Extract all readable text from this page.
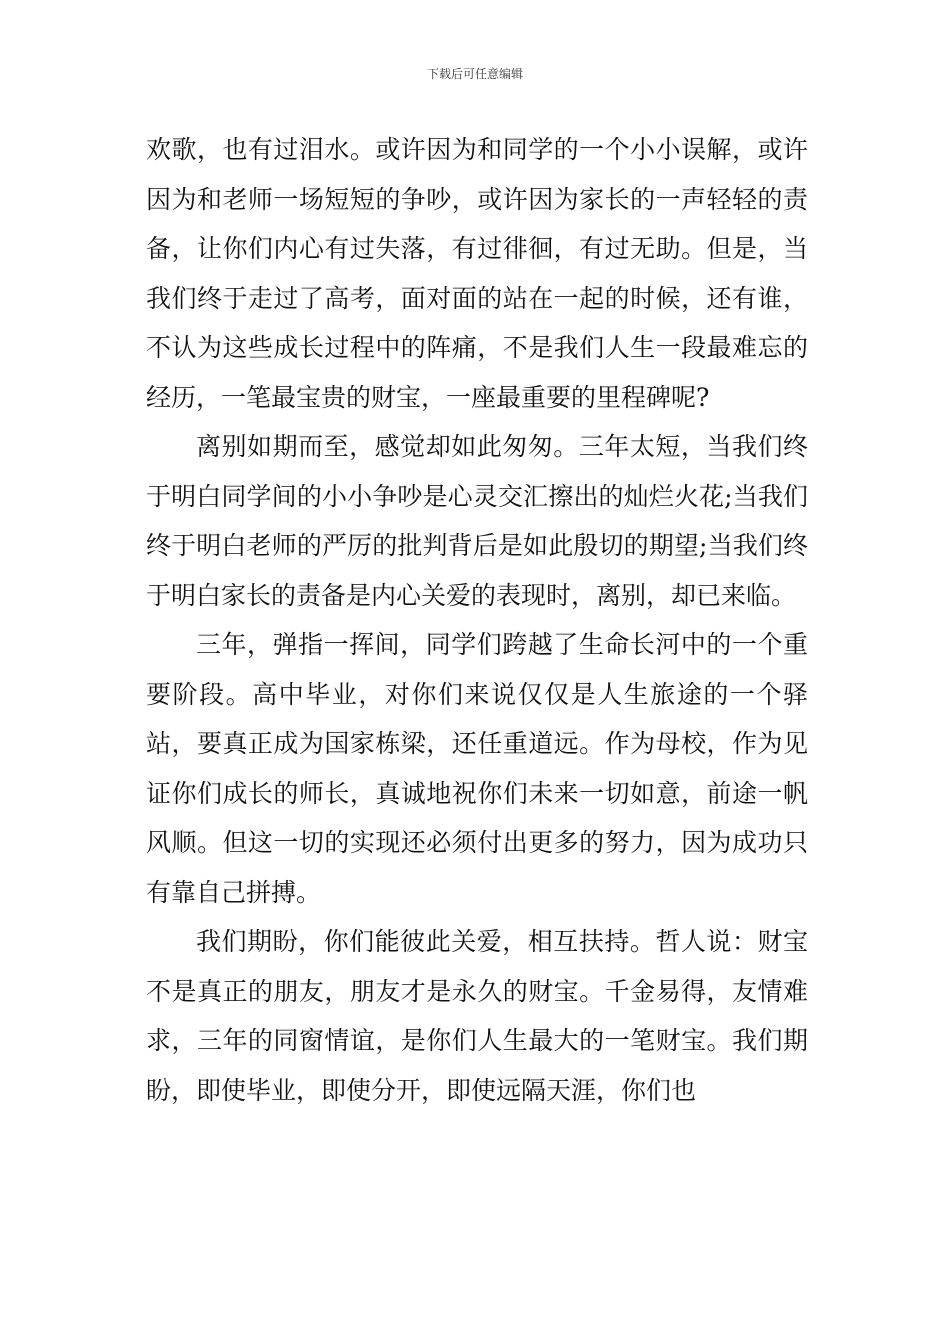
下载后可任意编辑

欢歌，也有过泪水。或许因为和同学的一个小小误解，或许因为和老师一场短短的争吵，或许因为家长的一声轻轻的责备，让你们内心有过失落，有过徘徊，有过无助。但是，当我们终于走过了高考，面对面的站在一起的时候，还有谁，不认为这些成长过程中的阵痛，不是我们人生一段最难忘的经历，一笔最宝贵的财宝，一座最重要的里程碑呢?

离别如期而至，感觉却如此匆匆。三年太短，当我们终于明白同学间的小小争吵是心灵交汇擦出的灿烂火花;当我们终于明白老师的严厉的批判背后是如此殷切的期望;当我们终于明白家长的责备是内心关爱的表现时，离别，却已来临。

三年，弹指一挥间，同学们跨越了生命长河中的一个重要阶段。高中毕业，对你们来说仅仅是人生旅途的一个驿站，要真正成为国家栋梁，还任重道远。作为母校，作为见证你们成长的师长，真诚地祝你们未来一切如意，前途一帆风顺。但这一切的实现还必须付出更多的努力，因为成功只有靠自己拼搏。

我们期盼，你们能彼此关爱，相互扶持。哲人说：财宝不是真正的朋友，朋友才是永久的财宝。千金易得，友情难求，三年的同窗情谊，是你们人生最大的一笔财宝。我们期盼，即使毕业，即使分开，即使远隔天涯，你们也
